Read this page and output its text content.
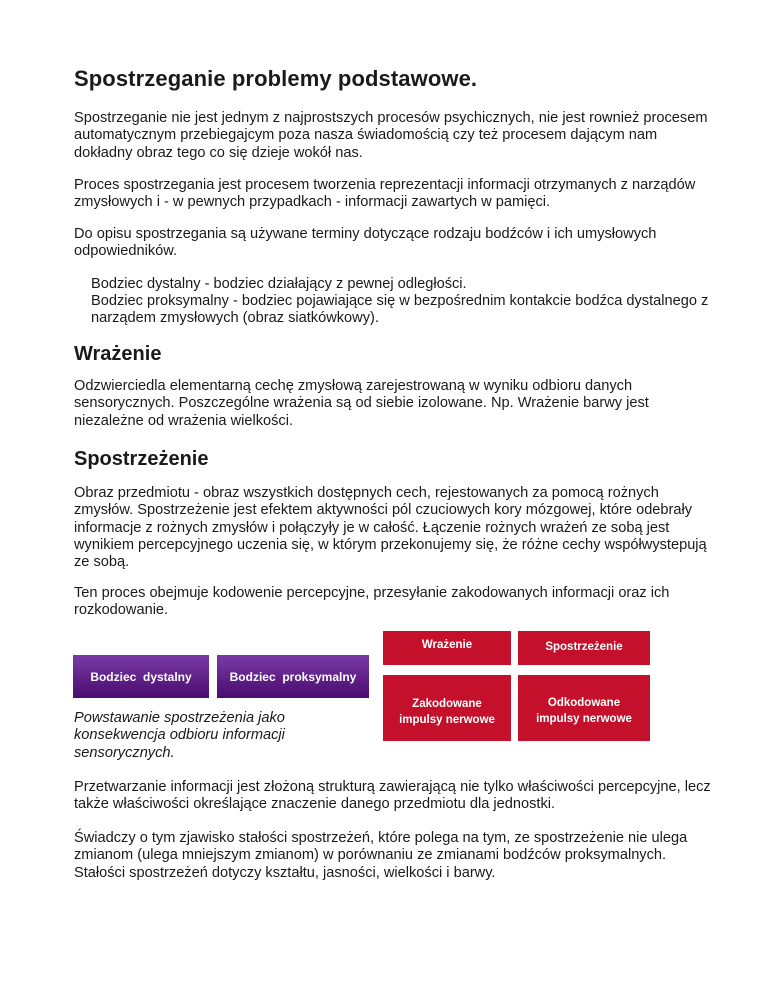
Spostrzeganie problemy podstawowe.

Spostrzeganie nie jest jednym z najprostszych procesów psychicznych, nie jest rownież procesem automatycznym przebiegajcym poza nasza świadomością czy też procesem dającym nam dokładny obraz tego co się dzieje wokół nas.

Proces spostrzegania jest procesem tworzenia reprezentacji informacji otrzymanych z narządów zmysłowych i - w pewnych przypadkach - informacji zawartych w pamięci.

Do opisu spostrzegania są używane terminy dotyczące rodzaju bodźców i ich umysłowych odpowiedników.

Bodziec dystalny - bodziec działający z pewnej odległości.

Bodziec proksymalny - bodziec pojawiające się w bezpośrednim kontakcie bodźca dystalnego z narządem zmysłowych (obraz siatkówkowy).

Wrażenie

Odzwierciedla elementarną cechę zmysłową zarejestrowaną w wyniku odbioru danych sensorycznych. Poszczególne wrażenia są od siebie izolowane. Np. Wrażenie barwy jest niezależne od wrażenia wielkości.

Spostrzeżenie

Obraz przedmiotu - obraz wszystkich dostępnych cech, rejestowanych za pomocą rożnych zmysłów. Spostrzeżenie jest efektem aktywności pól czuciowych kory mózgowej, które odebrały informacje z rożnych zmysłów i połączyły je w całość. Łączenie rożnych wrażeń ze sobą jest wynikiem percepcyjnego uczenia się, w którym przekonujemy się, że różne cechy współwystepują ze sobą.

Ten proces obejmuje kodowenie percepcyjne, przesyłanie zakodowanych informacji oraz ich rozkodowanie.

Wrażenie	Spostrzeżenie
Bodziec  dystalny	Bodziec  proksymalny
Zakodowane
impulsy nerwowe
Odkodowane
impulsy nerwowe

Powstawanie spostrzeżenia jako konsekwencja odbioru informacji sensorycznych.

Przetwarzanie informacji jest złożoną strukturą zawierającą nie tylko właściwości percepcyjne, lecz także właściwości określające znaczenie danego przedmiotu dla jednostki.

Świadczy o tym zjawisko stałości spostrzeżeń, które polega na tym, ze spostrzeżenie nie ulega zmianom (ulega mniejszym zmianom) w porównaniu ze zmianami bodźców proksymalnych. Stałości spostrzeżeń dotyczy kształtu, jasności, wielkości i barwy.
